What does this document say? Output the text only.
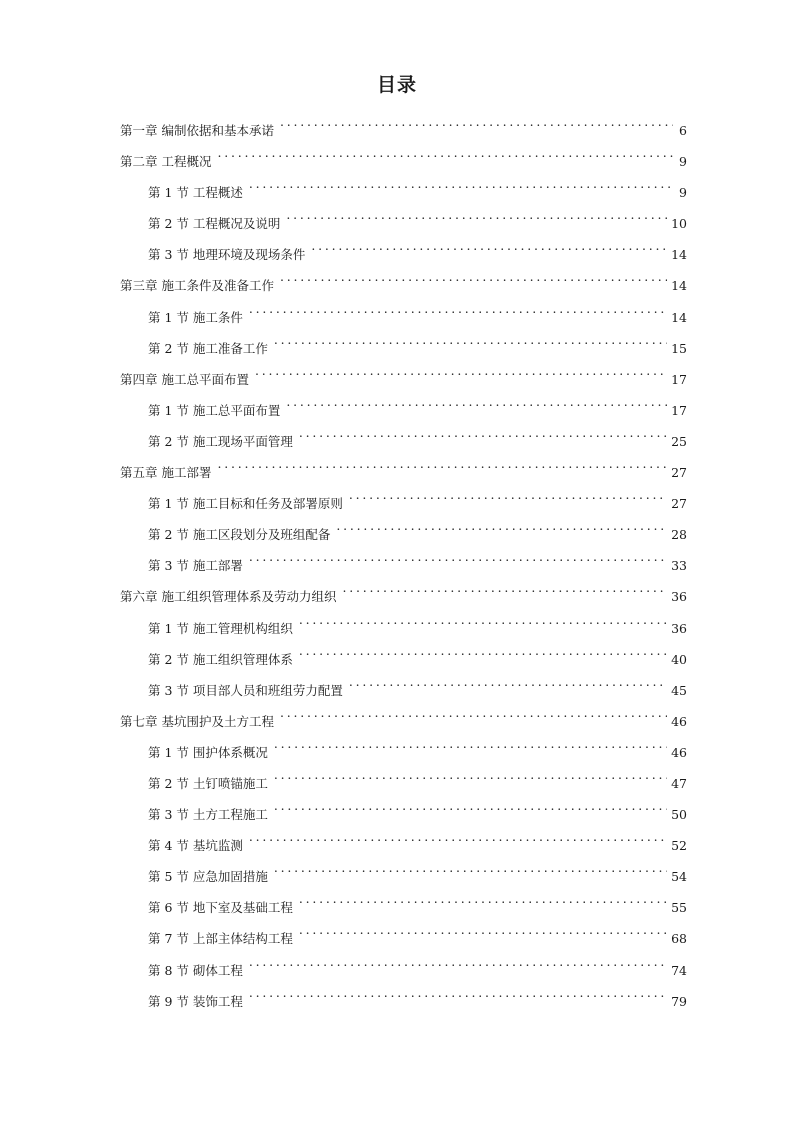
目录
第一章 编制依据和基本承诺 . . .	6
第二章 工程概况 . . .	9
第 1 节 工程概述 . . .	9
第 2 节 工程概况及说明 . . .	10
第 3 节 地理环境及现场条件 . . .	14
第三章 施工条件及准备工作 . . .	14
第 1 节 施工条件 . . .	14
第 2 节 施工准备工作 . . .	15
第四章 施工总平面布置 . . .	17
第 1 节 施工总平面布置 . . .	17
第 2 节 施工现场平面管理 . . .	25
第五章 施工部署 . . .	27
第 1 节 施工目标和任务及部署原则 . . .	27
第 2 节 施工区段划分及班组配备 . . .	28
第 3 节 施工部署 . . .	33
第六章 施工组织管理体系及劳动力组织 . . .	36
第 1 节 施工管理机构组织 . . .	36
第 2 节 施工组织管理体系 . . .	40
第 3 节 项目部人员和班组劳力配置 . . .	45
第七章 基坑围护及土方工程 . . .	46
第 1 节 围护体系概况 . . .	46
第 2 节 土钉喷锚施工 . . .	47
第 3 节 土方工程施工 . . .	50
第 4 节 基坑监测 . . .	52
第 5 节 应急加固措施 . . .	54
第 6 节 地下室及基础工程 . . .	55
第 7 节 上部主体结构工程 . . .	68
第 8 节 砌体工程 . . .	74
第 9 节 装饰工程 . . .	79
